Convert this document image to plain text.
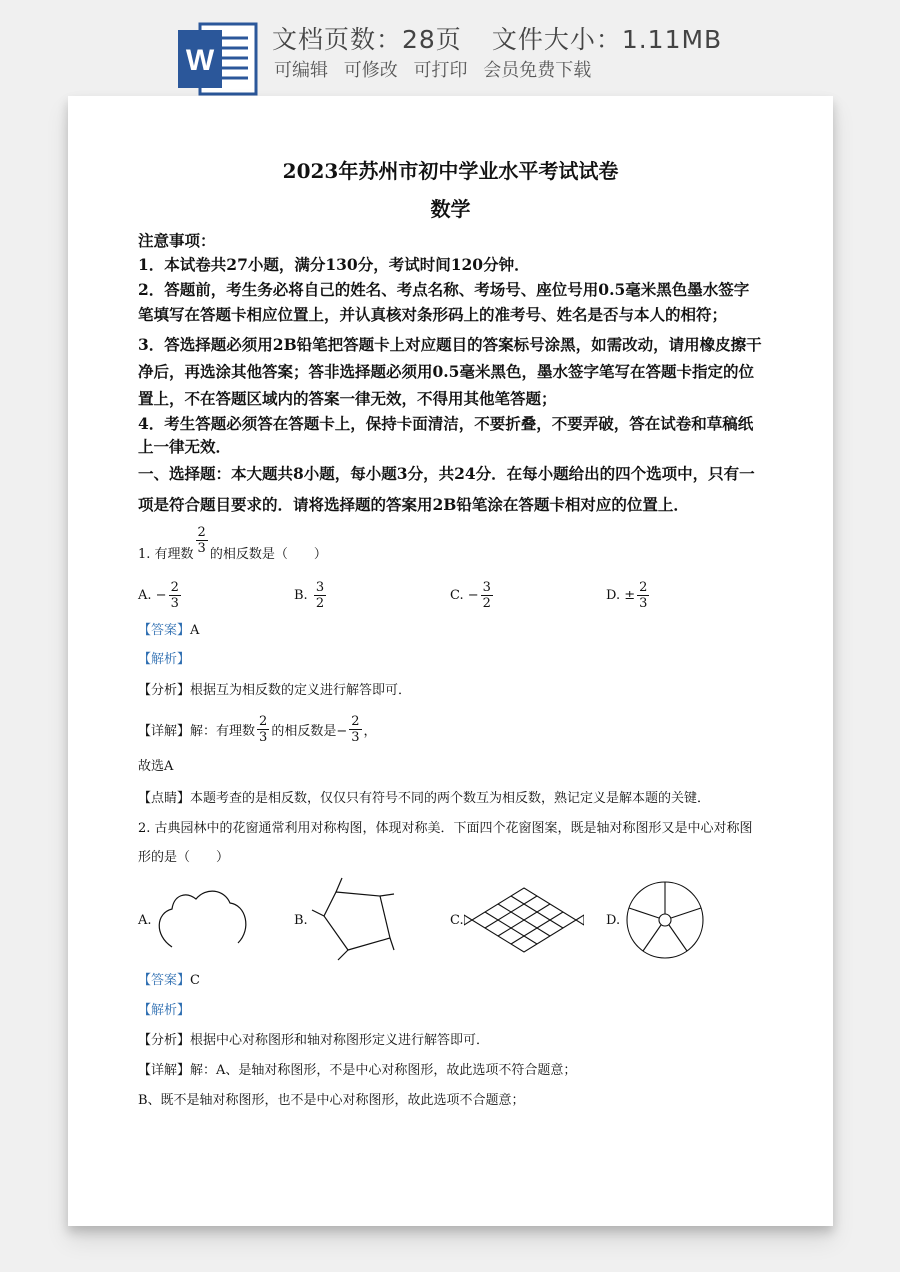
W
文档页数：28页 文件大小：1.11MB
可编辑 可修改 可打印 会员免费下载

2023年苏州市初中学业水平考试试卷

数学

注意事项：

1．本试卷共27小题，满分130分，考试时间120分钟．

2．答题前，考生务必将自己的姓名、考点名称、考场号、座位号用0.5毫米黑色墨水签字笔填写在答题卡相应位置上，并认真核对条形码上的准考号、姓名是否与本人的相符；

3．答选择题必须用2B铅笔把答题卡上对应题目的答案标号涂黑，如需改动，请用橡皮擦干净后，再选涂其他答案；答非选择题必须用0.5毫米黑色，墨水签字笔写在答题卡指定的位置上，不在答题区域内的答案一律无效，不得用其他笔答题；

4．考生答题必须答在答题卡上，保持卡面清洁，不要折叠，不要弄破，答在试卷和草稿纸上一律无效．

一、选择题：本大题共8小题，每小题3分，共24分．在每小题给出的四个选项中，只有一项是符合题目要求的．请将选择题的答案用2B铅笔涂在答题卡相对应的位置上．

1. 有理数 $\frac{2}{3}$ 的相反数是（　　）
A.
− $\frac{2}{3}$	B.
$\frac{3}{2}$	C.
− $\frac{3}{2}$	D.
± $\frac{2}{3}$

【答案】A

【解析】

【分析】根据互为相反数的定义进行解答即可．

【详解】 解：有理数 $\frac{2}{3}$ 的相反数是− $\frac{2}{3}$ ，

故选A

【点睛】本题考查的是相反数，仅仅只有符号不同的两个数互为相反数，熟记定义是解本题的关键．

2. 古典园林中的花窗通常利用对称构图，体现对称美．下面四个花窗图案，既是轴对称图形又是中心对称图形的是（　　）

A.	B.	C.	D.

【答案】C

【解析】

【分析】根据中心对称图形和轴对称图形定义进行解答即可．

【详解】解：A、是轴对称图形，不是中心对称图形，故此选项不符合题意；

B、既不是轴对称图形，也不是中心对称图形，故此选项不合题意；
